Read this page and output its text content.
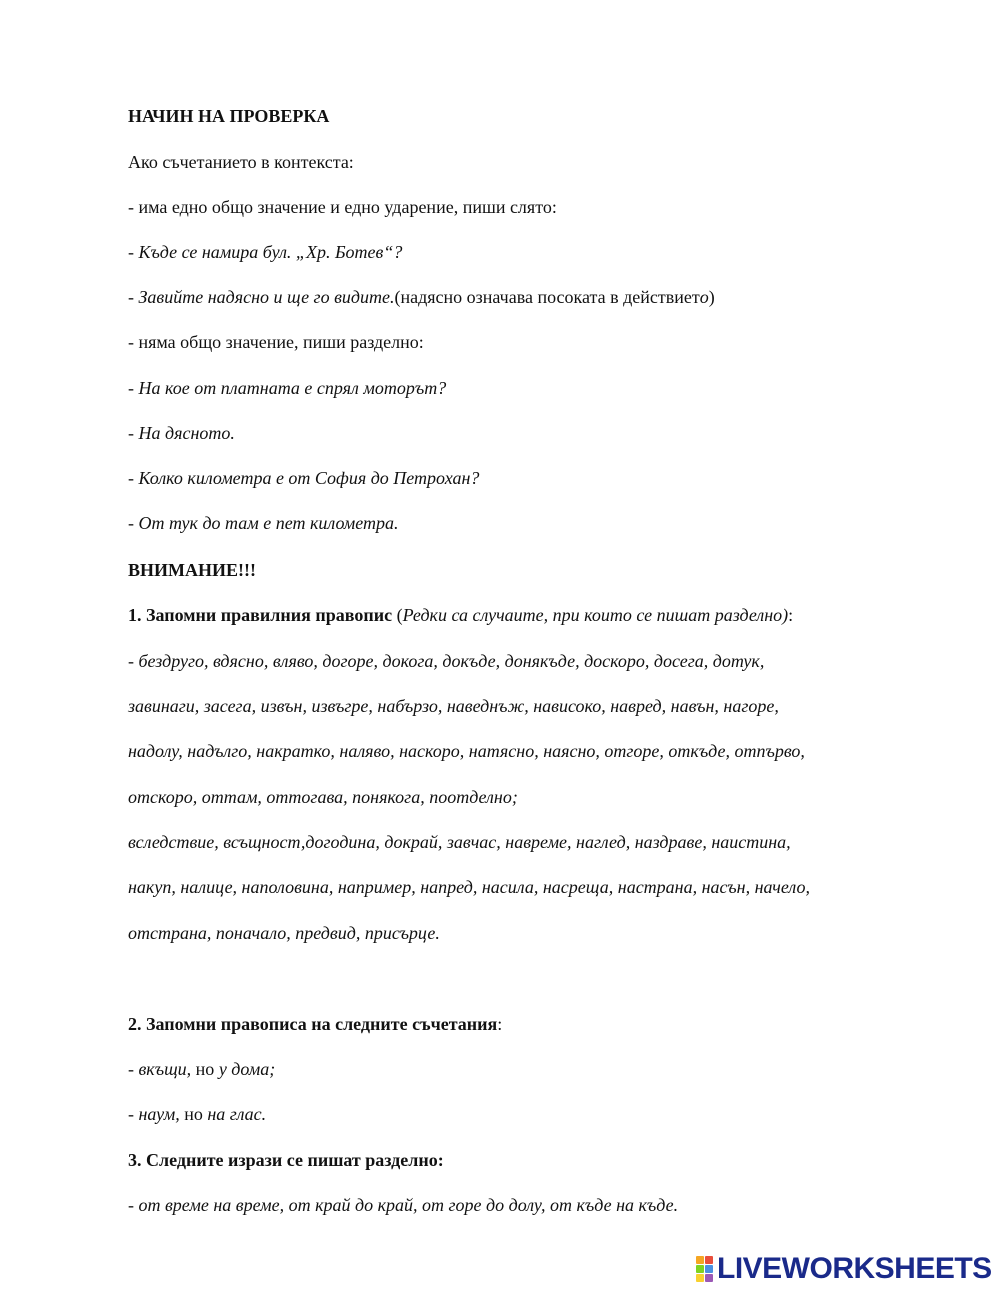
НАЧИН НА ПРОВЕРКА
Ако съчетанието в контекста:
- има едно общо значение и едно ударение, пиши слято:
- Къде се намира бул. „Хр. Ботев“?
- Завийте надясно и ще го видите.(надясно означава посоката в действието)
- няма общо значение, пиши разделно:
- На кое от платната е спрял моторът?
- На дясното.
- Колко километра е от София до Петрохан?
- От тук до там е пет километра.
ВНИМАНИЕ!!!
1. Запомни правилния правопис (Редки са случаите, при които се пишат разделно):
- бездруго, вдясно, вляво, догоре, докога, докъде, донякъде, доскоро, досега, дотук,
завинаги, засега, извън, извъгре, набързо, наведнъж, нависоко, навред, навън, нагоре,
надолу, надълго, накратко, наляво, наскоро, натясно, наясно, отгоре, откъде, отпърво,
отскоро, оттам, оттогава, понякога, поотделно;
вследствие, всъщност,догодина, докрай, завчас, навреме, наглед, наздраве, наистина,
накуп, налице, наполовина, например, напред, насила, насреща, настрана, насън, начело,
отстрана, поначало, предвид, присърце.
2. Запомни правописа на следните съчетания:
- вкъщи, но у дома;
- наум, но на глас.
3. Следните изрази се пишат разделно:
- от време на време, от край до край, от горе до долу, от къде на къде.
LIVEWORKSHEETS
